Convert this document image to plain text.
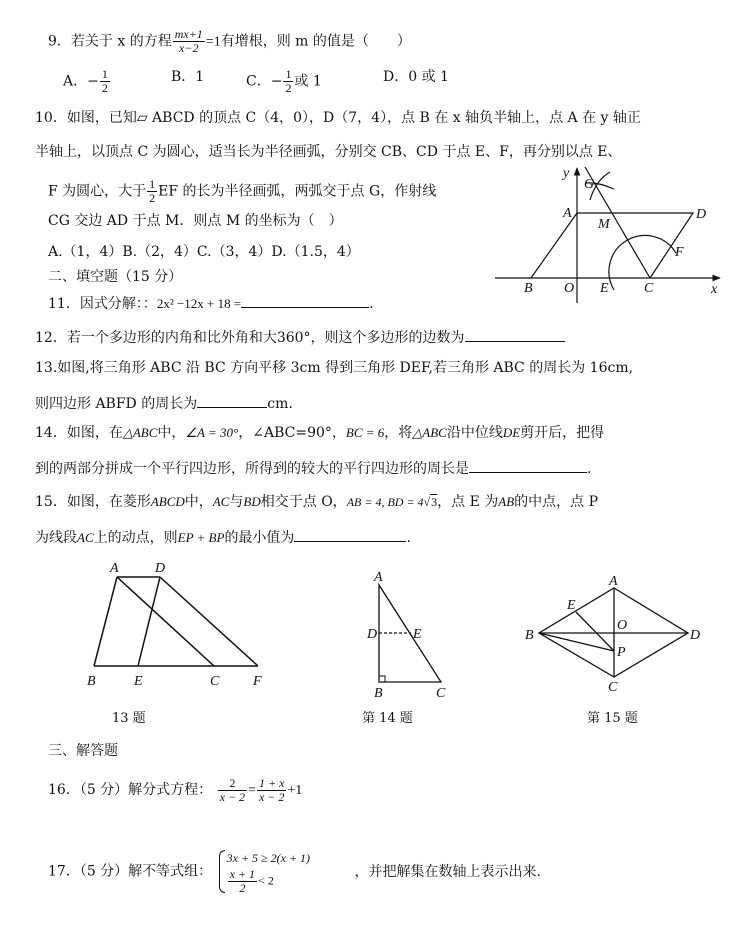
9．若关于 x 的方程 $\frac{mx+1}{x-2} =1$有增根，则 m 的值是（　　）
A．− $\frac{1}{2}$	B．1	C．− $\frac{1}{2}$ 或 1	D．0 或 1
10．如图，已知▱ ABCD 的顶点 C（4，0），D（7，4），点 B 在 x 轴负半轴上，点 A 在 y 轴正
半轴上，以顶点 C 为圆心，适当长为半径画弧，分别交 CB、CD 于点 E、F，再分别以点 E、
F 为圆心，大于 $\frac{1}{2}$ EF 的长为半径画弧，两弧交于点 G，作射线
CG 交边 AD 于点 M．则点 M 的坐标为（　）
A.（1，4）B.（2，4）C.（3，4）D.（1.5，4）
二、填空题（15 分）
11．因式分解：：2x² −12x + 18 =	.
12．若一个多边形的内角和比外角和大360°，则这个多边形的边数为
13.如图,将三角形 ABC 沿 BC 方向平移 3cm 得到三角形 DEF,若三角形 ABC 的周长为 16cm,
则四边形 ABFD 的周长为	cm.
14．如图，在△ABC中，∠A = 30°，∠ABC=90°，BC = 6，将△ABC沿中位线DE剪开后，把得
到的两部分拼成一个平行四边形，所得到的较大的平行四边形的周长是	.
15．如图，在菱形ABCD中，AC与BD相交于点 O，AB = 4, BD = 4√3，点 E 为AB的中点，点 P
为线段AC上的动点，则EP + BP的最小值为	.
y
G
A
M
D
F
B O E	C	x
A	D
B	E	C F
13 题
A
D	E
B	C
第 14 题
A
E
O
B	D
P
C
第 15 题
三、解答题
16．（5 分）解分式方程： $\frac{2}{x - 2} = \frac{1 + x}{x - 2} +1$
17．（5 分）解不等式组：
3x + 5 ≥ 2(x + 1)
$\frac{x + 1}{2} < 2$
，并把解集在数轴上表示出来.
